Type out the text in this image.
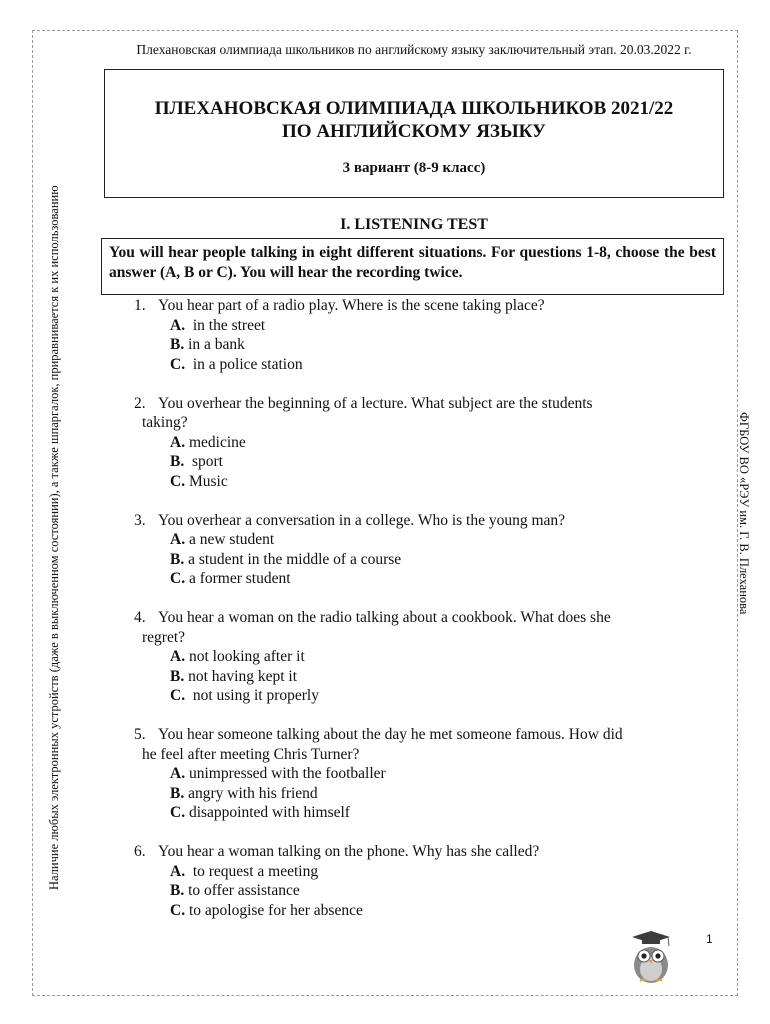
Плехановская олимпиада школьников по английскому языку заключительный этап. 20.03.2022 г.
ПЛЕХАНОВСКАЯ ОЛИМПИАДА ШКОЛЬНИКОВ 2021/22
ПО АНГЛИЙСКОМУ ЯЗЫКУ
3 вариант (8-9 класс)
I. LISTENING TEST
You will hear people talking in eight different situations. For questions 1-8, choose the best answer (A, B or C). You will hear the recording twice.
1. You hear part of a radio play. Where is the scene taking place?
A.  in the street
B. in a bank
C.  in a police station
2. You overhear the beginning of a lecture. What subject are the students
taking?
A. medicine
B.  sport
C. Music
3. You overhear a conversation in a college. Who is the young man?
A. a new student
B. a student in the middle of a course
C. a former student
4. You hear a woman on the radio talking about a cookbook. What does she
regret?
A. not looking after it
B. not having kept it
C.  not using it properly
5. You hear someone talking about the day he met someone famous. How did
he feel after meeting Chris Turner?
A. unimpressed with the footballer
B. angry with his friend
C. disappointed with himself
6. You hear a woman talking on the phone. Why has she called?
A.  to request a meeting
B. to offer assistance
C. to apologise for her absence
Наличие любых электронных устройств (даже в выключенном состоянии), а также шпаргалок, приравнивается к их использованию	ФГБОУ ВО «РЭУ им. Г. В. Плеханова
1
